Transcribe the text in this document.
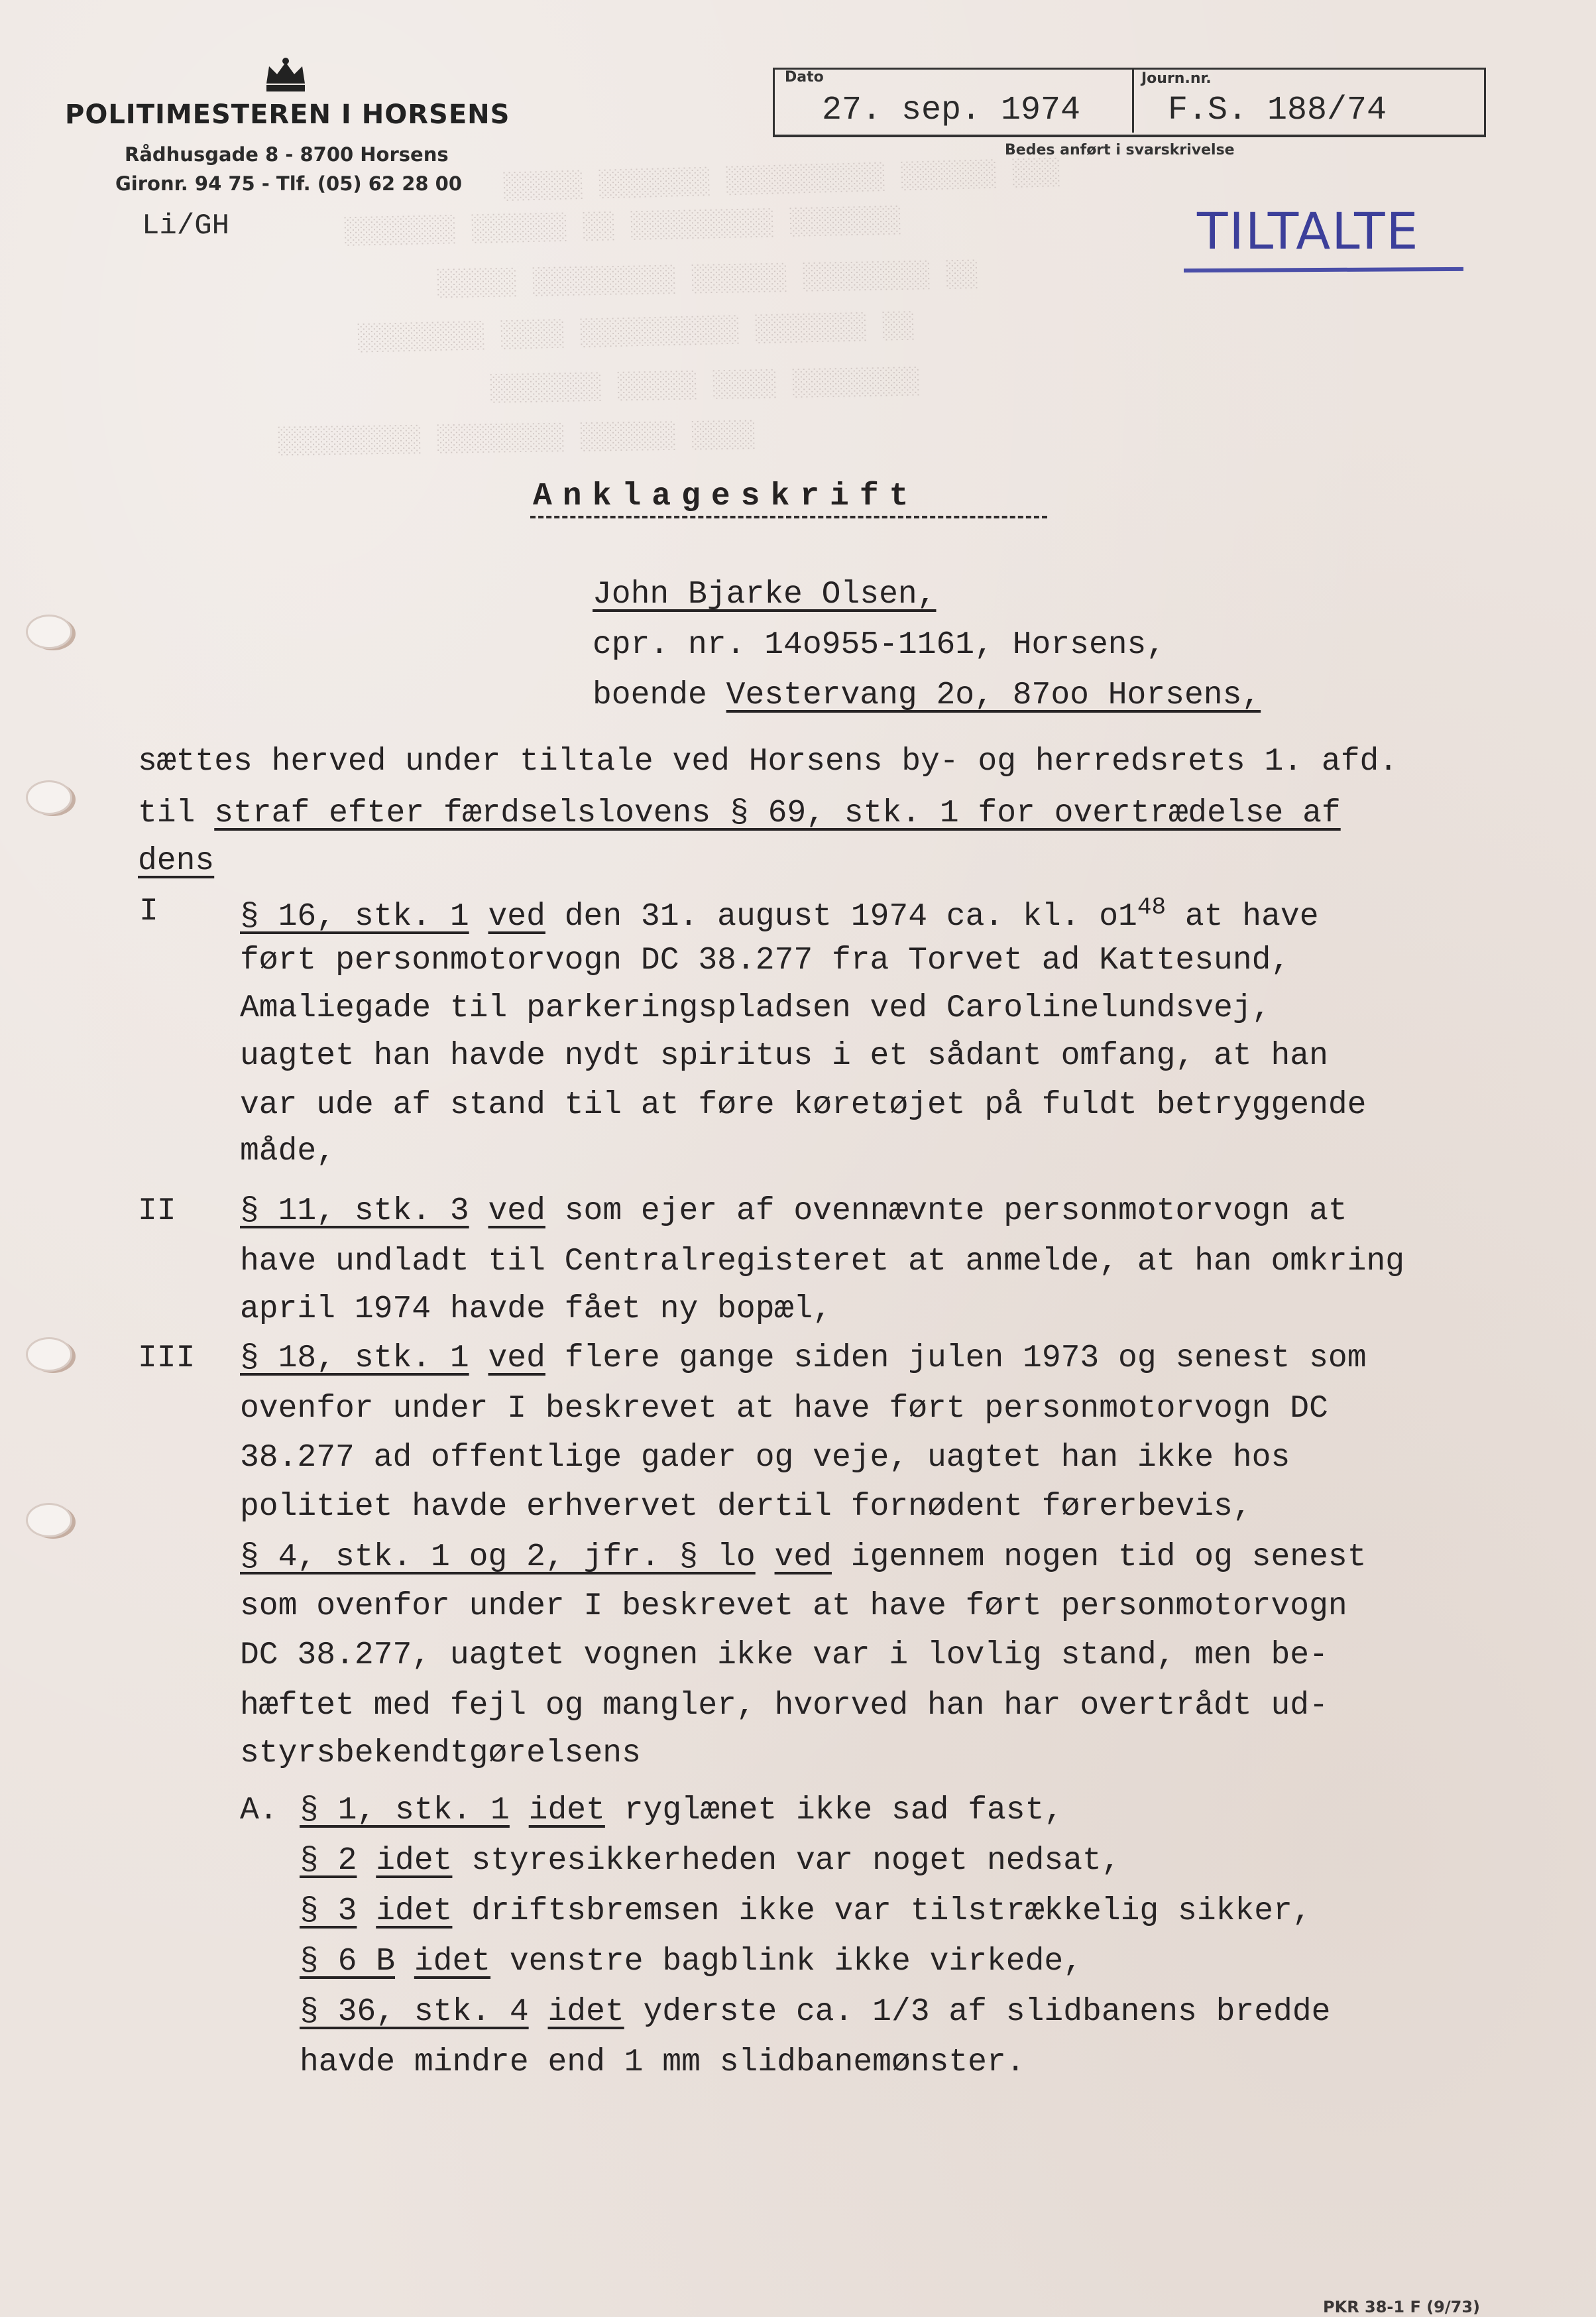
░░░░░ ░░░░░░░ ░░░░░░░░░░ ░░░░░░ ░░░
░░░░░░░ ░░░░░░ ░░ ░░░░░░░░░ ░░░░░░░
░░░░░ ░░░░░░░░░ ░░░░░░ ░░░░░░░░ ░░
░░░░░░░░ ░░░░ ░░░░░░░░░░ ░░░░░░░ ░░
░░░░░░░ ░░░░░ ░░░░ ░░░░░░░░
░░░░░░░░░ ░░░░░░░░ ░░░░░░ ░░░░
POLITIMESTEREN I HORSENS
Rådhusgade 8 - 8700 Horsens
Gironr. 94 75 - Tlf. (05) 62 28 00
Li/GH
Dato	Journ.nr.
27. sep. 1974	F.S. 188/74
Bedes anført i svarskrivelse
TILTALTE
Anklageskrift
John Bjarke Olsen,
cpr. nr. 14o955-1161, Horsens,
boende Vestervang 2o, 87oo Horsens,
sættes herved under tiltale ved Horsens by- og herredsrets 1. afd.
til straf efter færdselslovens § 69, stk. 1 for overtrædelse af
dens
I	§ 16, stk. 1 ved den 31. august 1974 ca. kl. $o1^{48}$ at have
ført personmotorvogn DC 38.277 fra Torvet ad Kattesund,
Amaliegade til parkeringspladsen ved Carolinelundsvej,
uagtet han havde nydt spiritus i et sådant omfang, at han
var ude af stand til at føre køretøjet på fuldt betryggende
måde,
II § 11, stk. 3 ved som ejer af ovennævnte personmotorvogn at
have undladt til Centralregisteret at anmelde, at han omkring
april 1974 havde fået ny bopæl,
III § 18, stk. 1 ved flere gange siden julen 1973 og senest som
ovenfor under I beskrevet at have ført personmotorvogn DC
38.277 ad offentlige gader og veje, uagtet han ikke hos
politiet havde erhvervet dertil fornødent førerbevis,
§ 4, stk. 1 og 2, jfr. § lo ved igennem nogen tid og senest
som ovenfor under I beskrevet at have ført personmotorvogn
DC 38.277, uagtet vognen ikke var i lovlig stand, men be-
hæftet med fejl og mangler, hvorved han har overtrådt ud-
styrsbekendtgørelsens
A. § 1, stk. 1 idet ryglænet ikke sad fast,
§ 2 idet styresikkerheden var noget nedsat,
§ 3 idet driftsbremsen ikke var tilstrækkelig sikker,
§ 6 B idet venstre bagblink ikke virkede,
§ 36, stk. 4 idet yderste ca. 1/3 af slidbanens bredde
havde mindre end 1 mm slidbanemønster.
PKR 38-1 F (9/73)
